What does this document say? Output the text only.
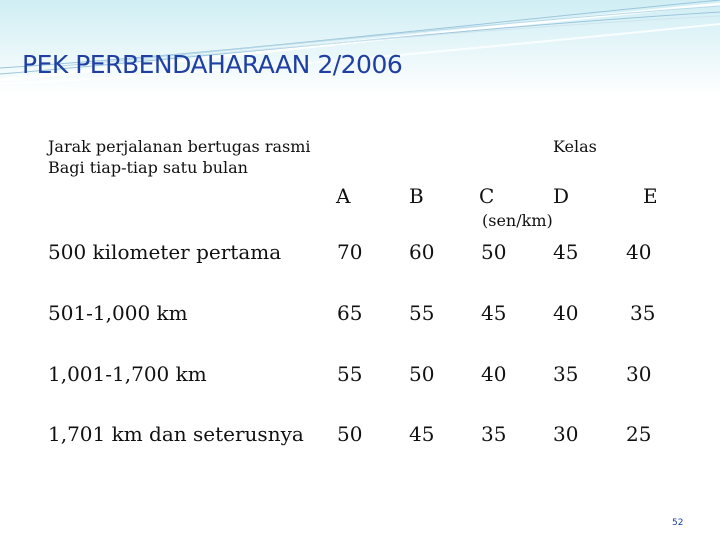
PEK PERBENDAHARAAN 2/2006
Jarak perjalanan bertugas rasmi
Bagi tiap-tiap satu bulan
Kelas
A	B	C	D	E
(sen/km)
500 kilometer pertama	70 60 50 45 40
501-1,000 km	65 55 45 40	35
1,001-1,700 km	55 50 40 35 30
1,701 km dan seterusnya 50 45 35 30 25
52
